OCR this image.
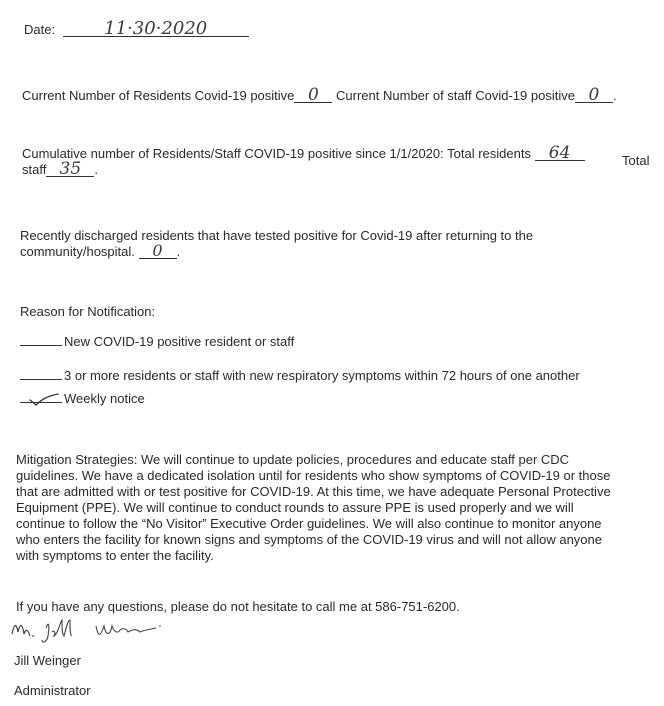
Date:	11·30·2020
Current Number of Residents Covid-19 positive 0 Current Number of staff Covid-19 positive 0 .
Cumulative number of Residents/Staff COVID-19 positive since 1/1/2020: Total residents 64	Total
staff 35 .
Recently discharged residents that have tested positive for Covid-19 after returning to the
community/hospital. 0 .
Reason for Notification:
New COVID-19 positive resident or staff
3 or more residents or staff with new respiratory symptoms within 72 hours of one another
Weekly notice
Mitigation Strategies: We will continue to update policies, procedures and educate staff per CDC
guidelines. We have a dedicated isolation until for residents who show symptoms of COVID-19 or those
that are admitted with or test positive for COVID-19. At this time, we have adequate Personal Protective
Equipment (PPE). We will continue to conduct rounds to assure PPE is used properly and we will
continue to follow the “No Visitor” Executive Order guidelines. We will also continue to monitor anyone
who enters the facility for known signs and symptoms of the COVID-19 virus and will not allow anyone
with symptoms to enter the facility.
If you have any questions, please do not hesitate to call me at 586-751-6200.
Jill Weinger
Administrator
